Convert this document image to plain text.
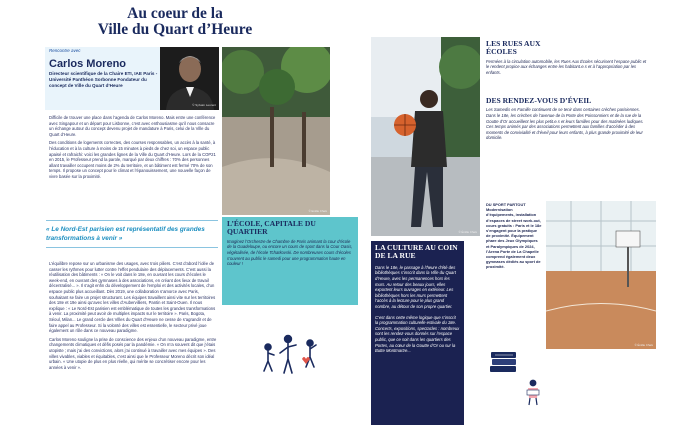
Au coeur de la
Ville du Quart d’Heure
Rencontre avec
Carlos Moreno
Directeur scientifique de la Chaire ETI, IAE Paris - Université Panthéon Sorbonne Fondateur du concept de Ville du Quart d’Heure
© Sylvain Leurent

Difficile de trouver une place dans l’agenda de Carlos Moreno. Mais entre une conférence avec Singapour et un départ pour Lisbonne, c’est avec enthousiasme qu’il nous consacre un échange autour du concept devenu projet de mandature à Paris, celui de la Ville du Quart d’Heure.

Des conditions de logements correctes, des courses responsables, un accès à la santé, à l’éducation et à la culture à moins de 15 minutes à pieds de chez soi, un espace public apaisé et rafraichi: voici les grandes lignes de la Ville du Quart d’Heure. Lors de la COP21 en 2015, le Professeur prend la parole, marqué par deux chiffres : 70% des personnes allant travailler occupent moins de 2% du territoire, et un bâtiment est fermé 70% de son temps. Il propose un concept pour le climat et l’épanouissement, une nouvelle façon de vivre basée sur la proximité.

« Le Nord-Est parisien est représentatif des grandes transformations à venir »

L’équilibre repose sur un urbanisme des usages, avec trois piliers. C’est d’abord l’idée de casser les rythmes pour lutter contre l’effet pendulaire des déplacements. C’est aussi la réutilisation des bâtiments : « On le voit dans le 18e, en ouvrant les cours d’écoles le week-end, en ouvrant des gymnases à des associations, en créant des lieux de travail décentralisé... ». Il s’agit enfin du développement de l’emploi et des activités locales, d’un espace public plus accueillant. Dès 2019, une collaboration s’amorce avec Paris, souhaitant se faire un projet structurant. Les équipes travaillent ainsi vite sur les territoires des 18e et 19e ainsi qu’avec les villes d’Aubervilliers, Pantin et Saint-Ouen. Il nous explique : « Le Nord-Est parisien est emblématique de toutes les grandes transformations à venir. La proximité peut avoir de multiples impacts sur le territoire ». Paris, Bogota, Séoul, Milan... Le grand cercle des Villes du Quart d’Heure ne cesse de s’agrandir et de faire appel au Professeur. Si la volonté des villes est essentielle, le secteur privé joue également un rôle dans ce nouveau paradigme.

Carlos Moreno souligne la prise de conscience des enjeux d’un nouveau paradigme, entre changements climatiques et défis posés par la pandémie. « On m’a souvent dit que j’étais utopiste ; mais j’ai des convictions, alors j’ai continué à travailler avec mes équipes ». Des villes vivables, viables et équitables, c’est ainsi que le Professeur Moreno décrit son idéal urbain. « Une utopie de plus en plus réelle, qui mérite se concrétiser encore pour les années à venir ».

© Emilie Chaix
L’ÉCOLE, CAPITALE DU QUARTIER
Imaginez l’Orchestre de Chambre de Paris animant la cour d’école de la Guadeloupe, ou encore un cours de sport dans la Cour Oasis, végétalisée, de l’école Tchaïkovski. De nombreuses cours d’écoles s’ouvrent au public le samedi pour une programmation haute en couleur !
© Émilie Chaix
LES RUES AUX ÉCOLES
Fermées à la circulation automobile, les Rues Aux Écoles sécurisent l’espace public et le rendent propice aux échanges entre les habitant.e.s et à l’appropriation par les enfants.
DES RENDEZ-VOUS D’ÉVEIL
Les Samedis en Famille continuent de se tenir dans certaines crèches parisiennes. Dans le 18e, les crèches de l’avenue de la Porte des Poissonniers et de la rue de la Goutte d’Or accueillent les plus petit.e.s et leurs familles pour des matinées ludiques. Ces temps animés par des associations permettent aux familles d’accéder à des moments de convivialité et d’éveil pour leurs enfants, à plus grande proximité de leur domicile.
DU SPORT PARTOUT Modernisation d’équipements, installation d’espaces de street work-out, cours gratuits : Paris et le 18e s’engagent pour la pratique de proximité. Équipement phare des Jeux Olympiques et Paralympiques de 2024, l’Arena Porte de La Chapelle comprend également deux gymnases dédiés au sport de proximité.
© Émilie Chaix
LA CULTURE AU COIN DE LA RUE

Dans le 18e, le passage à l’heure d’été des bibliothèques s’inscrit dans la Ville du Quart d’Heure, avec les permanences hors les murs. Au retour des beaux jours, elles exportent leurs ouvrages en extérieur. Les bibliothèques hors les murs permettent l’accès à la lecture pour le plus grand nombre, au détour de son propre quartier.

C’est dans cette même logique que s’inscrit la programmation culturelle estivale du 18e. Concerts, expositions, spectacles : nombreux sont les rendez-vous donnés sur l’espace public, que ce soit dans les quartiers des Portes, au cœur de la Goutte d’Or ou sur la Butte Montmartre...
